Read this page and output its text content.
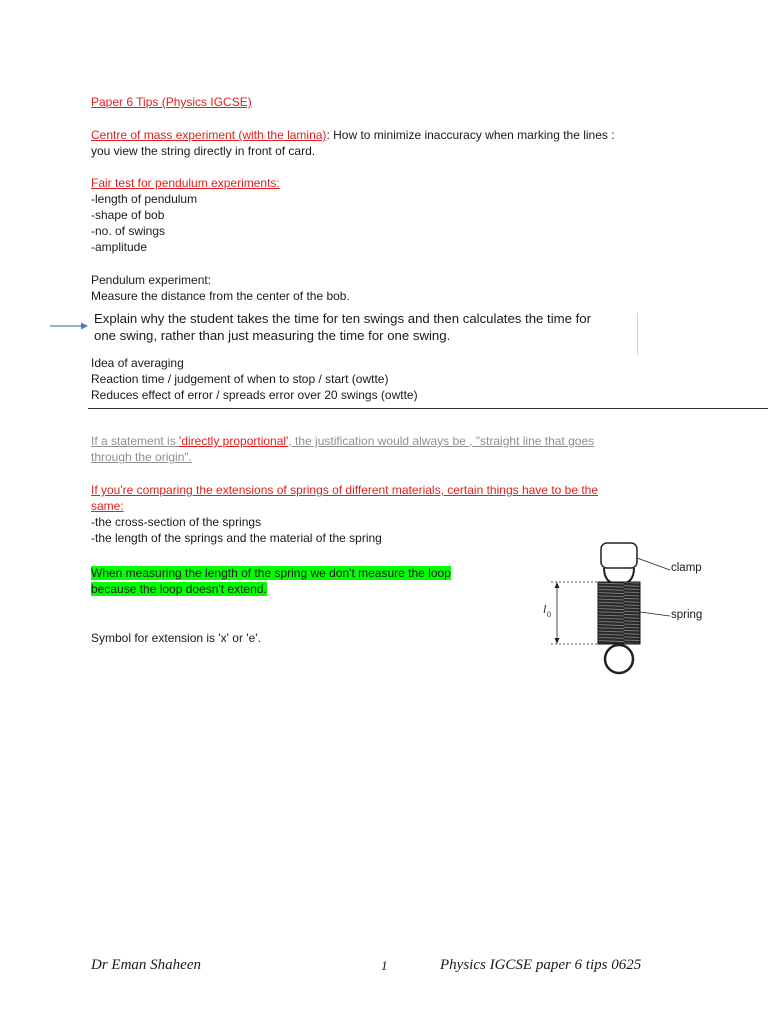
Paper 6 Tips (Physics IGCSE)
Centre of mass experiment (with the lamina): How to minimize inaccuracy when marking the lines :
you view the string directly in front of card.
Fair test for pendulum experiments:
-length of pendulum
-shape of bob
-no. of swings
-amplitude
Pendulum experiment:
Measure the distance from the center of the bob.
Explain why the student takes the time for ten swings and then calculates the time for
one swing, rather than just measuring the time for one swing.
Idea of averaging
Reaction time / judgement of when to stop / start (owtte)
Reduces effect of error / spreads error over 20 swings (owtte)
If a statement is 'directly proportional', the justification would always be , "straight line that goes
through the origin".
If you're comparing the extensions of springs of different materials, certain things have to be the
same:
-the cross-section of the springs
-the length of the springs and the material of the spring
When measuring the length of the spring we don't measure the loop
because the loop doesn't extend.
Symbol for extension is 'x' or 'e'.
l 0
clamp
spring
Dr Eman Shaheen	1	Physics IGCSE paper 6 tips 0625
